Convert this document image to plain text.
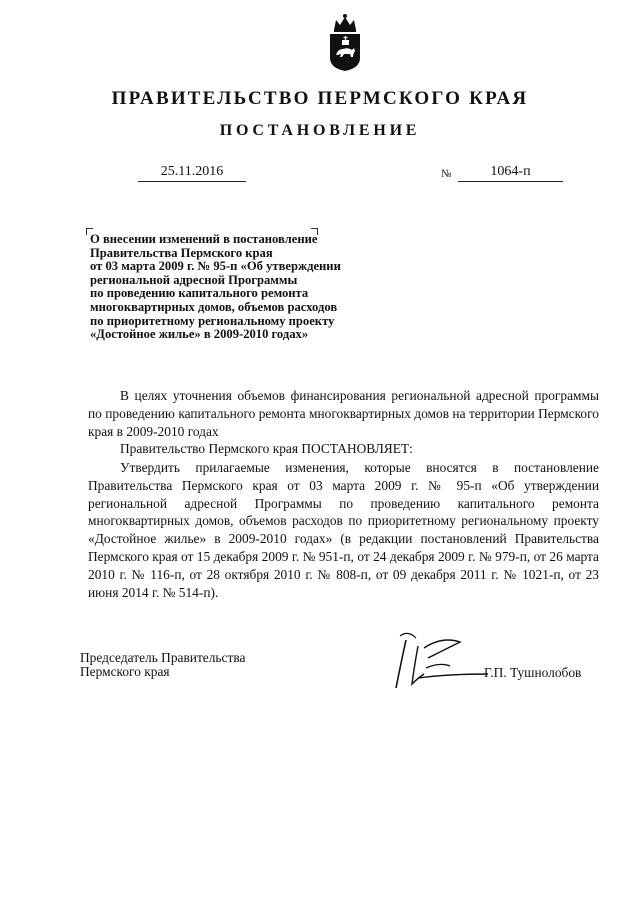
ПРАВИТЕЛЬСТВО ПЕРМСКОГО КРАЯ
ПОСТАНОВЛЕНИЕ
25.11.2016	№	1064-п
О внесении изменений в постановление
Правительства Пермского края
от 03 марта 2009 г. № 95-п «Об утверждении
региональной адресной Программы
по проведению капитального ремонта
многоквартирных домов, объемов расходов
по приоритетному региональному проекту
«Достойное жилье» в 2009-2010 годах»
В целях уточнения объемов финансирования региональной адресной программы по проведению капитального ремонта многоквартирных домов на территории Пермского края в 2009-2010 годах
Правительство Пермского края ПОСТАНОВЛЯЕТ:
Утвердить прилагаемые изменения, которые вносятся в постановление Правительства Пермского края от 03 марта 2009 г. № 95-п «Об утверждении региональной адресной Программы по проведению капитального ремонта многоквартирных домов, объемов расходов по приоритетному региональному проекту «Достойное жилье» в 2009-2010 годах» (в редакции постановлений Правительства Пермского края от 15 декабря 2009 г. № 951-п, от 24 декабря 2009 г. № 979-п, от 26 марта 2010 г. № 116-п, от 28 октября 2010 г. № 808-п, от 09 декабря 2011 г. № 1021-п, от 23 июня 2014 г. № 514-п).
Председатель Правительства
Пермского края	Г.П. Тушнолобов
